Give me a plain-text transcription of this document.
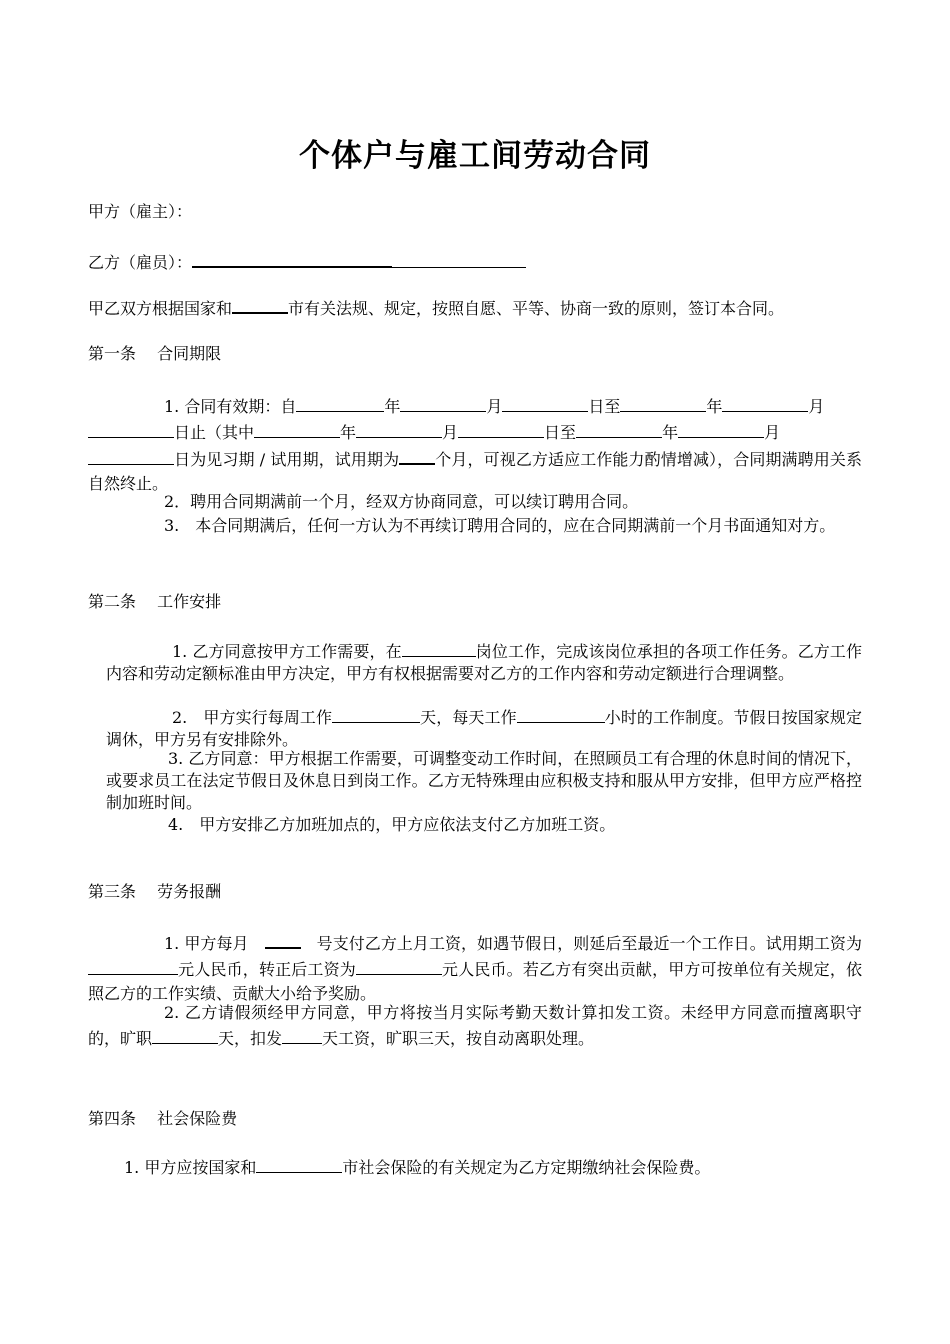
个体户与雇工间劳动合同
甲方（雇主）：
乙方（雇员）：
甲乙双方根据国家和	市有关法规、规定，按照自愿、平等、协商一致的原则，签订本合同。
第一条　 合同期限
1. 合同有效期：自	年	月	日至	年	月
日止（其中	年	月	日至	年	月
日为见习期 / 试用期，试用期为 个月，可视乙方适应工作能力酌情增减），合同期满聘用关系自然终止。
2．聘用合同期满前一个月，经双方协商同意，可以续订聘用合同。
3.　本合同期满后，任何一方认为不再续订聘用合同的，应在合同期满前一个月书面通知对方。
第二条　 工作安排
1. 乙方同意按甲方工作需要，在	岗位工作，完成该岗位承担的各项工作任务。乙方工作内容和劳动定额标准由甲方决定，甲方有权根据需要对乙方的工作内容和劳动定额进行合理调整。
2.　甲方实行每周工作	天，每天工作	小时的工作制度。节假日按国家规定调休，甲方另有安排除外。
3. 乙方同意：甲方根据工作需要，可调整变动工作时间，在照顾员工有合理的休息时间的情况下，或要求员工在法定节假日及休息日到岗工作。乙方无特殊理由应积极支持和服从甲方安排，但甲方应严格控制加班时间。
4.　甲方安排乙方加班加点的，甲方应依法支付乙方加班工资。
第三条　 劳务报酬
1. 甲方每月　　	号支付乙方上月工资，如遇节假日，则延后至最近一个工作日。试用期工资为元人民币，转正后工资为	元人民币。若乙方有突出贡献，甲方可按单位有关规定，依照乙方的工作实绩、贡献大小给予奖励。
2. 乙方请假须经甲方同意，甲方将按当月实际考勤天数计算扣发工资。未经甲方同意而擅离职守的，旷职	天，扣发	天工资，旷职三天，按自动离职处理。
第四条　 社会保险费
1. 甲方应按国家和	市社会保险的有关规定为乙方定期缴纳社会保险费。
